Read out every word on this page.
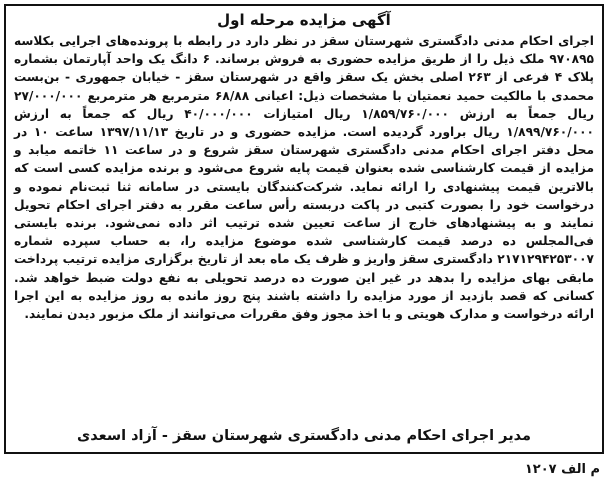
آگهی مزایده مرحله اول

اجرای احکام مدنی دادگستری شهرستان سقز در نظر دارد در رابطه با پرونده‌های اجرایی بکلاسه ۹۷۰۸۹۵ ملک ذیل را از طریق مزایده حضوری به فروش برساند. ۶ دانگ یک واحد آپارتمان بشماره پلاک ۴ فرعی از ۲۶۳ اصلی بخش یک سقز واقع در شهرستان سقز - خیابان جمهوری - بن‌بست محمدی با مالکیت حمید نعمتیان با مشخصات ذیل: اعیانی ۶۸/۸۸ مترمربع هر مترمربع ۲۷/۰۰۰/۰۰۰ ریال جمعاً به ارزش ۱/۸۵۹/۷۶۰/۰۰۰ ریال امتیازات ۴۰/۰۰۰/۰۰۰ ریال که جمعاً به ارزش ۱/۸۹۹/۷۶۰/۰۰۰ ریال براورد گردیده است. مزایده حضوری و در تاریخ ۱۳۹۷/۱۱/۱۳ ساعت ۱۰ در محل دفتر اجرای احکام مدنی دادگستری شهرستان سقز شروع و در ساعت ۱۱ خاتمه میابد و مزایده از قیمت کارشناسی شده بعنوان قیمت پایه شروع می‌شود و برنده مزایده کسی است که بالاترین قیمت پیشنهادی را ارائه نماید. شرکت‌کنندگان بایستی در سامانه ثنا ثبت‌نام نموده و درخواست خود را بصورت کتبی در پاکت دربسته رأس ساعت مقرر به دفتر اجرای احکام تحویل نمایند و به پیشنهادهای خارج از ساعت تعیین شده ترتیب اثر داده نمی‌شود. برنده بایستی فی‌المجلس ده درصد قیمت کارشناسی شده موضوع مزایده را، به حساب سپرده شماره ۲۱۷۱۲۹۴۲۵۳۰۰۷ دادگستری سقز واریز و ظرف یک ماه بعد از تاریخ برگزاری مزایده ترتیب پرداخت مابقی بهای مزایده را بدهد در غیر این صورت ده درصد تحویلی به نفع دولت ضبط خواهد شد. کسانی که قصد بازدید از مورد مزایده را داشته باشند پنج روز مانده به روز مزایده به این اجرا ارائه درخواست و مدارک هویتی و با اخذ مجوز وفق مقررات می‌توانند از ملک مزبور دیدن نمایند.

مدیر اجرای احکام مدنی دادگستری شهرستان سقز - آزاد اسعدی
م الف ۱۲۰۷
